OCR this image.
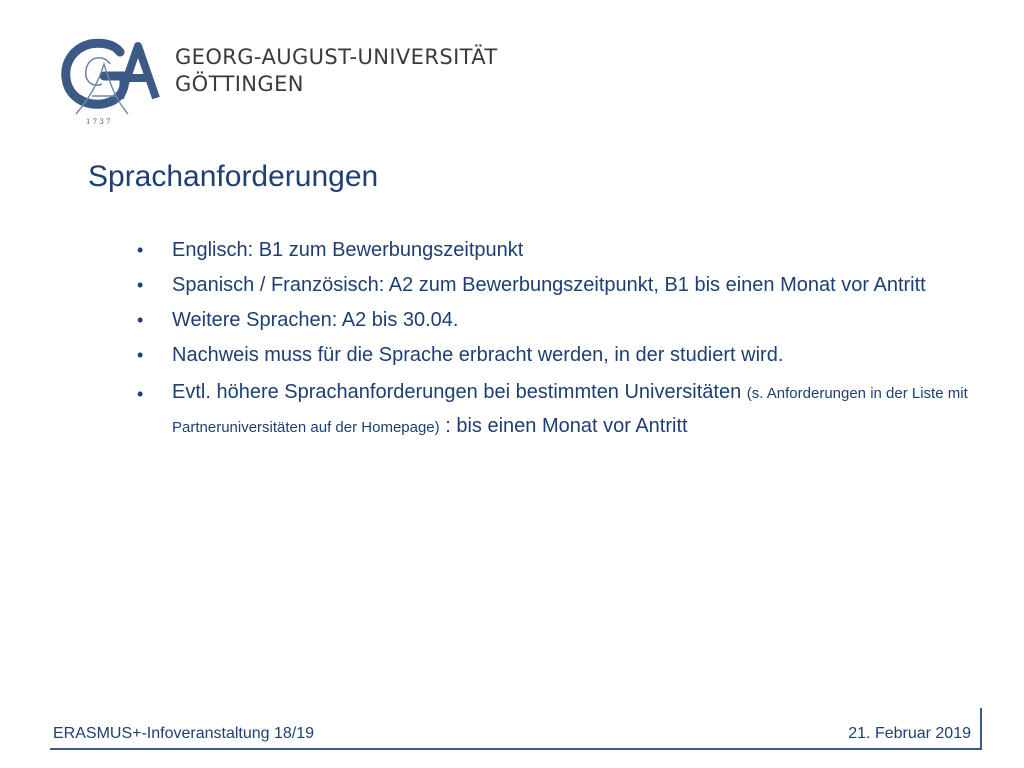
1 7 3 7
GEORG-AUGUST-UNIVERSITÄT
GÖTTINGEN
Sprachanforderungen
• Englisch: B1 zum Bewerbungszeitpunkt
• Spanisch / Französisch: A2 zum Bewerbungszeitpunkt, B1 bis einen Monat vor Antritt
• Weitere Sprachen: A2 bis 30.04.
• Nachweis muss für die Sprache erbracht werden, in der studiert wird.
• Evtl. höhere Sprachanforderungen bei bestimmten Universitäten (s. Anforderungen in der Liste mit Partneruniversitäten auf der Homepage) : bis einen Monat vor Antritt
ERASMUS+-Infoveranstaltung 18/19	21. Februar 2019
